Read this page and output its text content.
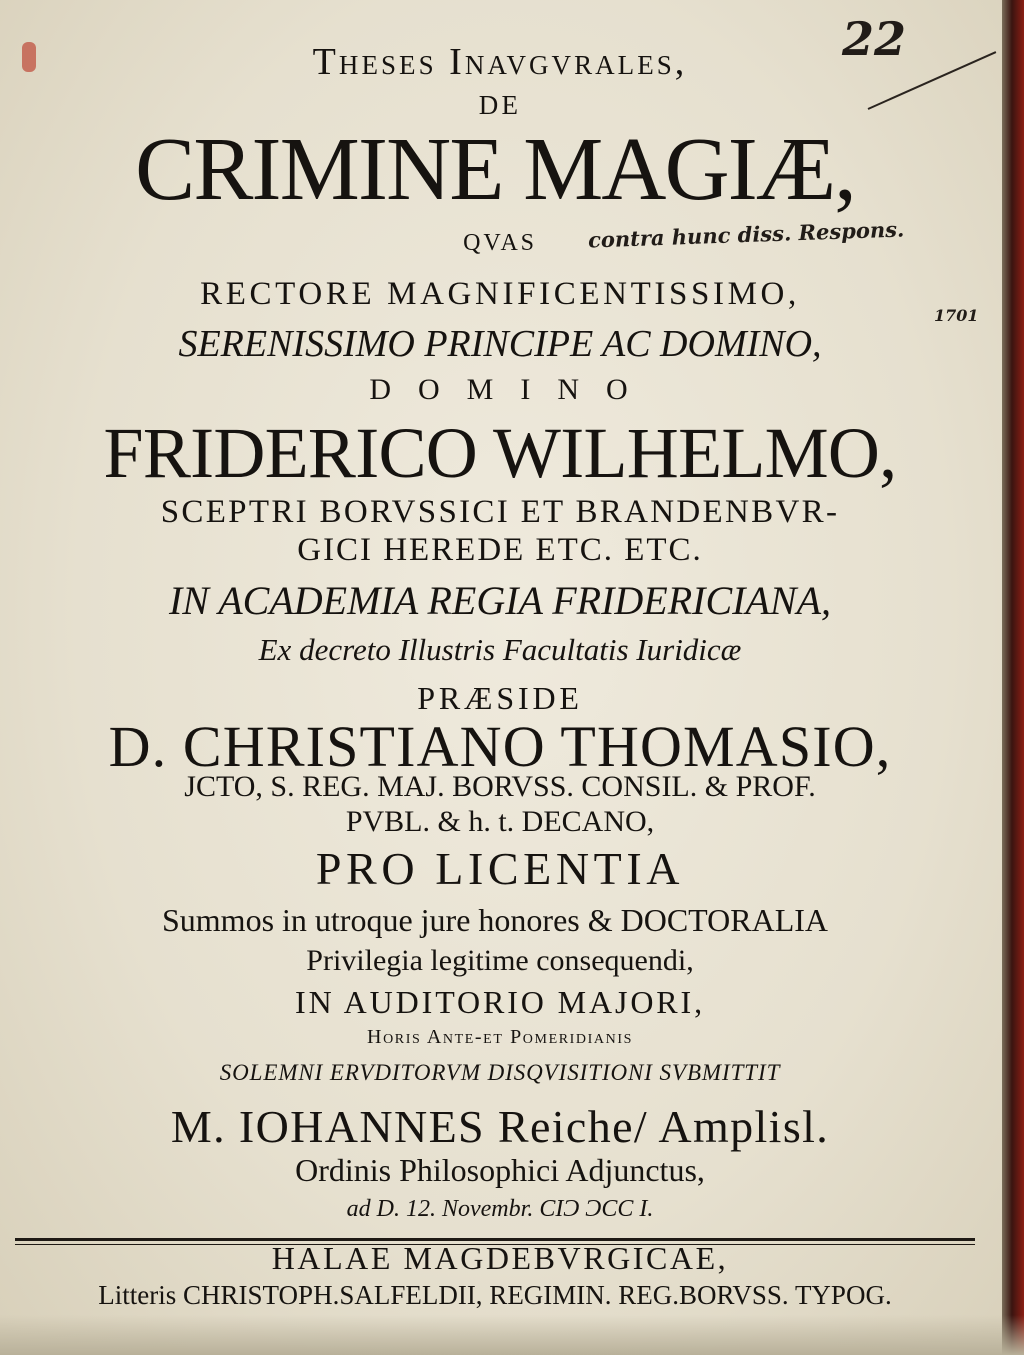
22
contra hunc diss. Respons.
1701
Theses Inavgvrales,
DE
CRIMINE MAGIÆ,
QVAS
RECTORE MAGNIFICENTISSIMO,
SERENISSIMO PRINCIPE AC DOMINO,
DOMINO
FRIDERICO WILHELMO,
SCEPTRI BORVSSICI ET BRANDENBVR-
GICI HEREDE ETC. ETC.
IN ACADEMIA REGIA FRIDERICIANA,
Ex decreto Illustris Facultatis Iuridicæ
PRÆSIDE
D. CHRISTIANO THOMASIO,
JCTO, S. REG. MAJ. BORVSS. CONSIL. & PROF.
PVBL. & h. t. DECANO,
PRO LICENTIA
Summos in utroque jure honores & DOCTORALIA
Privilegia legitime consequendi,
IN AUDITORIO MAJORI,
Horis Ante-et Pomeridianis
SOLEMNI ERVDITORVM DISQVISITIONI SVBMITTIT
M. IOHANNES Reiche/ Amplisl.
Ordinis Philosophici Adjunctus,
ad D. 12. Novembr. CIϽ ϽCC I.
HALAE MAGDEBVRGICAE,
Litteris CHRISTOPH.SALFELDII, REGIMIN. REG.BORVSS. TYPOG.
